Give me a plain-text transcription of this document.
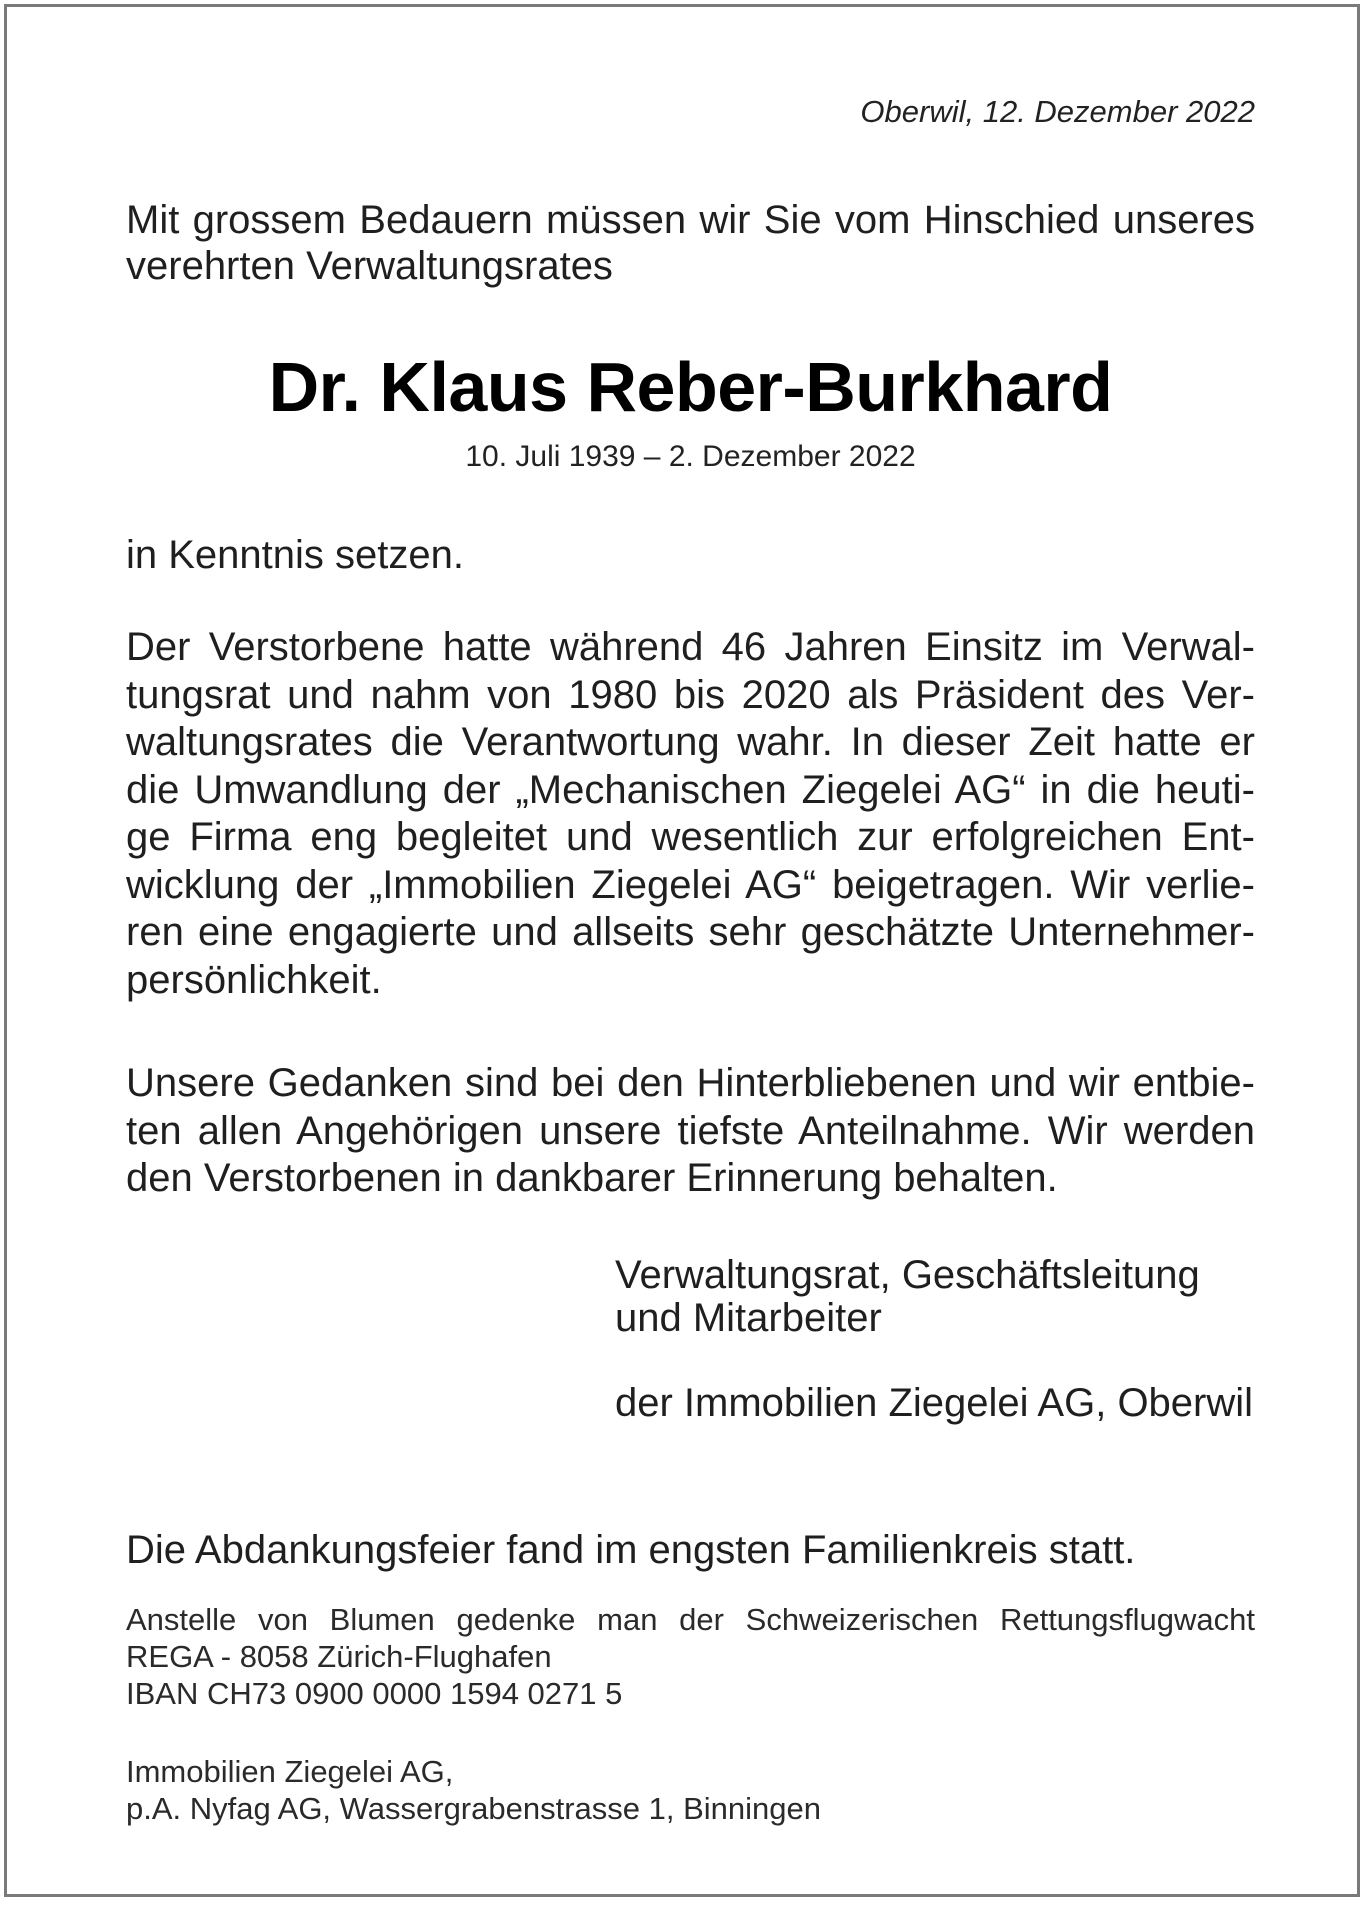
Oberwil, 12. Dezember 2022
Mit grossem Bedauern müssen wir Sie vom Hinschied unseres verehrten Verwaltungsrates
Dr. Klaus Reber-Burkhard
10. Juli 1939 – 2. Dezember 2022
in Kenntnis setzen.
Der Verstorbene hatte während 46 Jahren Einsitz im Verwaltungsrat und nahm von 1980 bis 2020 als Präsident des Verwaltungsrates die Verantwortung wahr. In dieser Zeit hatte er die Umwandlung der „Mechanischen Ziegelei AG“ in die heutige Firma eng begleitet und wesentlich zur erfolgreichen Entwicklung der „Immobilien Ziegelei AG“ beigetragen. Wir verlieren eine engagierte und allseits sehr geschätzte Unternehmerpersönlichkeit.
Unsere Gedanken sind bei den Hinterbliebenen und wir entbieten allen Angehörigen unsere tiefste Anteilnahme. Wir werden den Verstorbenen in dankbarer Erinnerung behalten.
Verwaltungsrat, Geschäftsleitung und Mitarbeiter
der Immobilien Ziegelei AG, Oberwil
Die Abdankungsfeier fand im engsten Familienkreis statt.
Anstelle von Blumen gedenke man der Schweizerischen Rettungsflugwacht
REGA - 8058 Zürich-Flughafen
IBAN CH73 0900 0000 1594 0271 5
Immobilien Ziegelei AG,
p.A. Nyfag AG, Wassergrabenstrasse 1, Binningen
